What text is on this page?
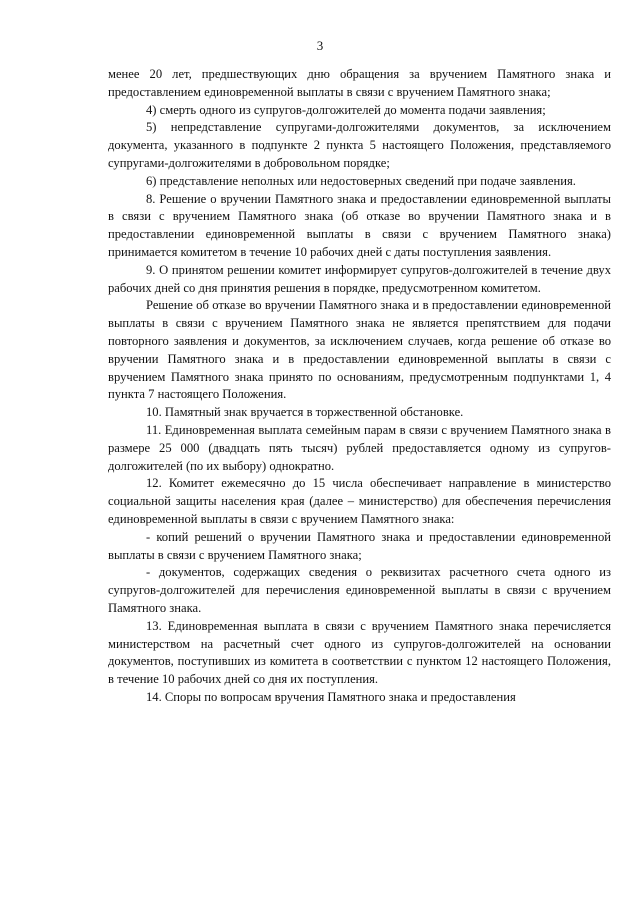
3

менее 20 лет, предшествующих дню обращения за вручением Памятного знака и предоставлением единовременной выплаты в связи с вручением Памятного знака;

4) смерть одного из супругов-долгожителей до момента подачи заявления;

5) непредставление супругами-долгожителями документов, за исключением документа, указанного в подпункте 2 пункта 5 настоящего Положения, представляемого супругами-долгожителями в добровольном порядке;

6) представление неполных или недостоверных сведений при подаче заявления.

8. Решение о вручении Памятного знака и предоставлении единовременной выплаты в связи с вручением Памятного знака (об отказе во вручении Памятного знака и в предоставлении единовременной выплаты в связи с вручением Памятного знака) принимается комитетом в течение 10 рабочих дней с даты поступления заявления.

9. О принятом решении комитет информирует супругов-долгожителей в течение двух рабочих дней со дня принятия решения в порядке, предусмотренном комитетом.

Решение об отказе во вручении Памятного знака и в предоставлении единовременной выплаты в связи с вручением Памятного знака не является препятствием для подачи повторного заявления и документов, за исключением случаев, когда решение об отказе во вручении Памятного знака и в предоставлении единовременной выплаты в связи с вручением Памятного знака принято по основаниям, предусмотренным подпунктами 1, 4 пункта 7 настоящего Положения.

10. Памятный знак вручается в торжественной обстановке.

11. Единовременная выплата семейным парам в связи с вручением Памятного знака в размере 25 000 (двадцать пять тысяч) рублей предоставляется одному из супругов-долгожителей (по их выбору) однократно.

12. Комитет ежемесячно до 15 числа обеспечивает направление в министерство социальной защиты населения края (далее – министерство) для обеспечения перечисления единовременной выплаты в связи с вручением Памятного знака:

- копий решений о вручении Памятного знака и предоставлении единовременной выплаты в связи с вручением Памятного знака;

- документов, содержащих сведения о реквизитах расчетного счета одного из супругов-долгожителей для перечисления единовременной выплаты в связи с вручением Памятного знака.

13. Единовременная выплата в связи с вручением Памятного знака перечисляется министерством на расчетный счет одного из супругов-долгожителей на основании документов, поступивших из комитета в соответствии с пунктом 12 настоящего Положения, в течение 10 рабочих дней со дня их поступления.

14. Споры по вопросам вручения Памятного знака и предоставления
